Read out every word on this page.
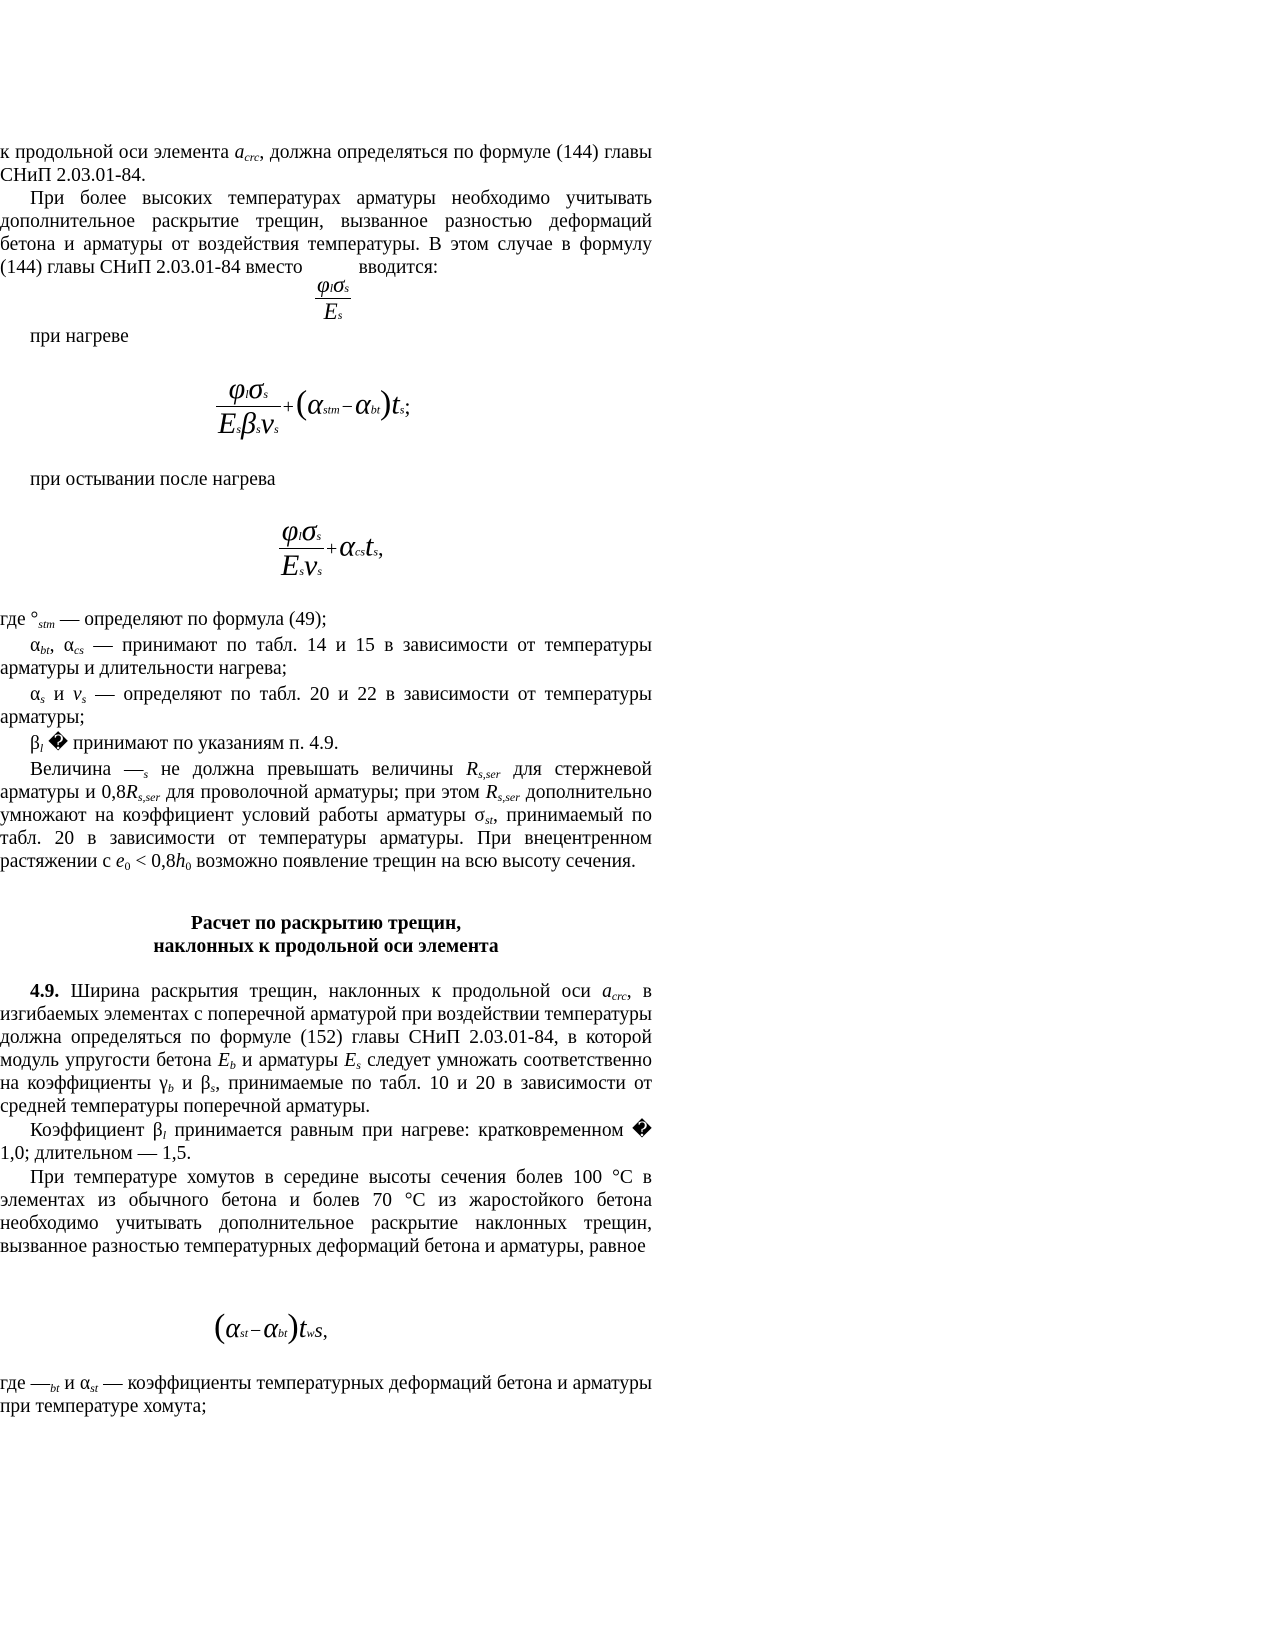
к продольной оси элемента $a_{crc}$, должна определяться по формуле (144) главы СНиП 2.03.01-84.

При более высоких температурах арматуры необходимо учитывать дополнительное раскрытие трещин, вызванное разностью деформаций бетона и арматуры от воздействия температуры. В этом случае в формулу (144) главы СНиП 2.03.01-84 вместо	вводится:

$\frac{\text{φlσs}}{Es}$

при нагреве

$\frac{\text{φlσs}}{\text{Esβsνs}} +(\alpha stm -\alpha bt)ts$;

при остывании после нагрева

$\frac{\text{φlσs}}{\text{Esνs}}$ +αcsts,

где $^\circ_{stm}$ — определяют по формула (49);

$\alpha_{bt}$, $\alpha_{cs}$ — принимают по табл. 14 и 15 в зависимости от температуры арматуры и длительности нагрева;

$\alpha_s$ и $v_s$ — определяют по табл. 20 и 22 в зависимости от температуры арматуры;

$\beta_l$ � принимают по указаниям п. 4.9.

Величина $—_s$ не должна превышать величины $R_{s,ser}$ для стержневой арматуры и $0,8R_{s,ser}$ для проволочной арматуры; при этом $R_{s,ser}$ дополнительно умножают на коэффициент условий работы арматуры $\sigma_{st}$, принимаемый по табл. 20 в зависимости от температуры арматуры. При внецентренном растяжении с $e_0 < 0,8h_0$ возможно появление трещин на всю высоту сечения.

Расчет по раскрытию трещин,

наклонных к продольной оси элемента

4.9. Ширина раскрытия трещин, наклонных к продольной оси $a_{crc}$, в изгибаемых элементах с поперечной арматурой при воздействии температуры должна определяться по формуле (152) главы СНиП 2.03.01-84, в которой модуль упругости бетона $E_b$ и арматуры $E_s$ следует умножать соответственно на коэффициенты $\gamma_b$ и $\beta_s$, принимаемые по табл. 10 и 20 в зависимости от средней температуры поперечной арматуры.

Коэффициент $\beta_l$ принимается равным при нагреве: кратковременном � 1,0; длительном — 1,5.

При температуре хомутов в середине высоты сечения болев 100 °С в элементах из обычного бетона и болев 70 °С из жаростойкого бетона необходимо учитывать дополнительное раскрытие наклонных трещин, вызванное разностью температурных деформаций бетона и арматуры, равное

(αst −αbt)tws,

где $—_{bt}$ и $\alpha_{st}$ — коэффициенты температурных деформаций бетона и арматуры при температуре хомута;
